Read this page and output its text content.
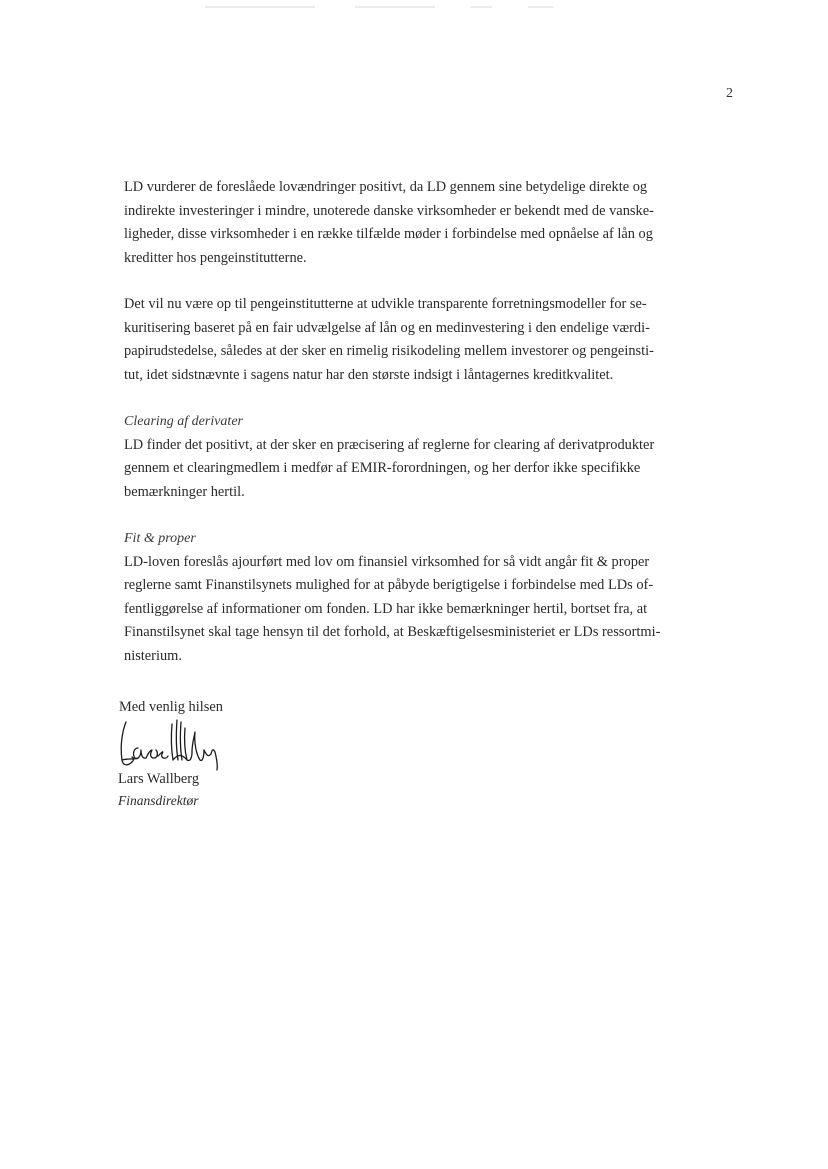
2

LD vurderer de foreslåede lovændringer positivt, da LD gennem sine betydelige direkte og
indirekte investeringer i mindre, unoterede danske virksomheder er bekendt med de vanske-
ligheder, disse virksomheder i en række tilfælde møder i forbindelse med opnåelse af lån og
kreditter hos pengeinstitutterne.

Det vil nu være op til pengeinstitutterne at udvikle transparente forretningsmodeller for se-
kuritisering baseret på en fair udvælgelse af lån og en medinvestering i den endelige værdi-
papirudstedelse, således at der sker en rimelig risikodeling mellem investorer og pengeinsti-
tut, idet sidstnævnte i sagens natur har den største indsigt i låntagernes kreditkvalitet.

Clearing af derivater

LD finder det positivt, at der sker en præcisering af reglerne for clearing af derivatprodukter
gennem et clearingmedlem i medfør af EMIR-forordningen, og her derfor ikke specifikke
bemærkninger hertil.

Fit & proper

LD-loven foreslås ajourført med lov om finansiel virksomhed for så vidt angår fit & proper
reglerne samt Finanstilsynets mulighed for at påbyde berigtigelse i forbindelse med LDs of-
fentliggørelse af informationer om fonden. LD har ikke bemærkninger hertil, bortset fra, at
Finanstilsynet skal tage hensyn til det forhold, at Beskæftigelsesministeriet er LDs ressortmi-
nisterium.

Med venlig hilsen
Lars Wallberg
Finansdirektør
